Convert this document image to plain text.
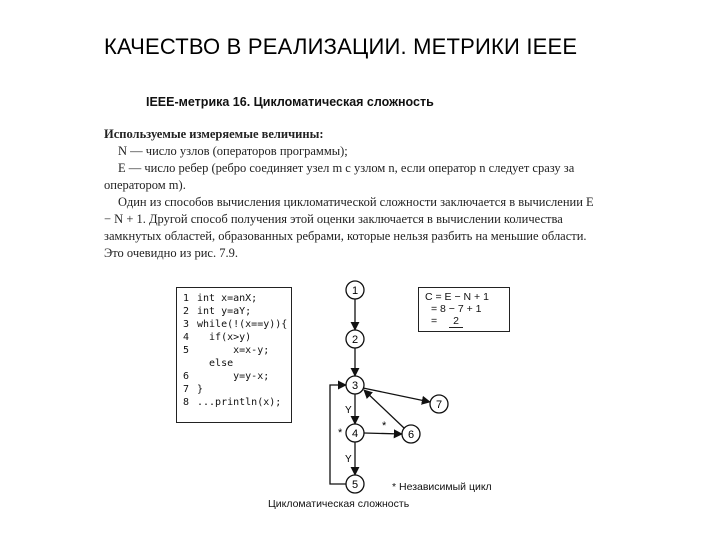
КАЧЕСТВО В РЕАЛИЗАЦИИ. МЕТРИКИ IEEE
IEEE-метрика 16. Цикломатическая сложность

Используемые измеряемые величины:

N — число узлов (операторов программы);

E — число ребер (ребро соединяет узел m с узлом n, если оператор n следует сразу за оператором m).

Один из способов вычисления цикломатической сложности заключается в вычислении E − N + 1. Другой способ получения этой оценки заключается в вычислении количества замкнутых областей, образованных ребрами, которые нельзя разбить на меньшие области. Это очевидно из рис. 7.9.

1 int x=anX;
2 int y=aY;
3 while(!(x==y)){
4 if(x>y)
5 x=x-y;
else
6 y=y-x;
7 }
8 ...println(x);
C = E − N + 1
= 8 − 7 + 1
= 2
1
2
3
4
5
6
7
Y
Y
*
*
* Независимый цикл
Цикломатическая сложность
